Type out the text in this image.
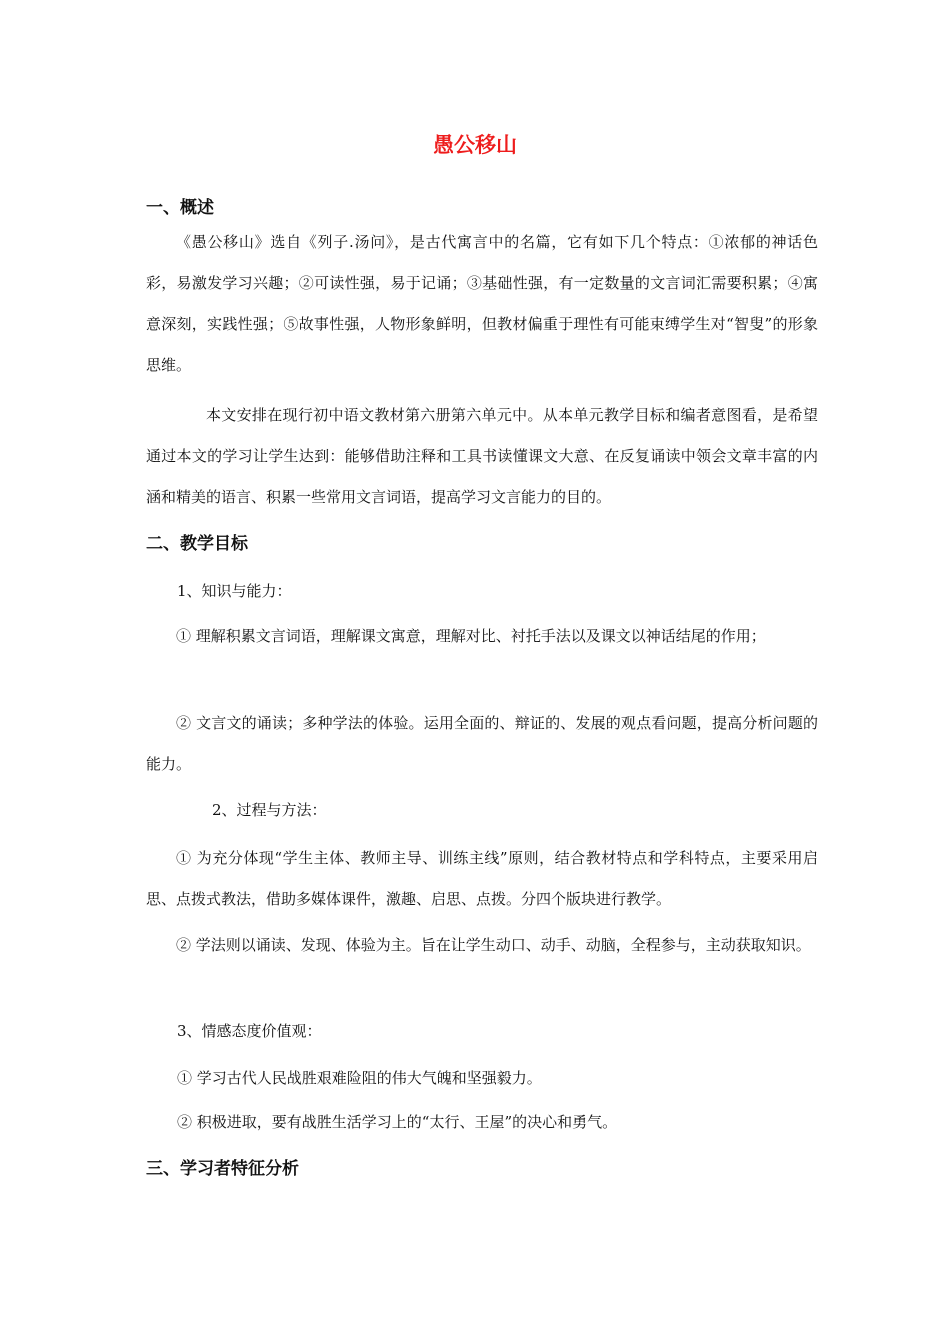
愚公移山
一、概述
《愚公移山》选自《列子.汤问》，是古代寓言中的名篇，它有如下几个特点：①浓郁的神话色彩，易激发学习兴趣；②可读性强，易于记诵；③基础性强，有一定数量的文言词汇需要积累；④寓意深刻，实践性强；⑤故事性强，人物形象鲜明，但教材偏重于理性有可能束缚学生对“智叟”的形象思维。
本文安排在现行初中语文教材第六册第六单元中。从本单元教学目标和编者意图看，是希望通过本文的学习让学生达到：能够借助注释和工具书读懂课文大意、在反复诵读中领会文章丰富的内涵和精美的语言、积累一些常用文言词语，提高学习文言能力的目的。
二、教学目标
1、知识与能力：
① 理解积累文言词语，理解课文寓意，理解对比、衬托手法以及课文以神话结尾的作用；
② 文言文的诵读；多种学法的体验。运用全面的、辩证的、发展的观点看问题，提高分析问题的能力。
2、过程与方法：
① 为充分体现“学生主体、教师主导、训练主线”原则，结合教材特点和学科特点，主要采用启思、点拨式教法，借助多媒体课件，激趣、启思、点拨。分四个版块进行教学。
② 学法则以诵读、发现、体验为主。旨在让学生动口、动手、动脑，全程参与，主动获取知识。
3、情感态度价值观：
① 学习古代人民战胜艰难险阻的伟大气魄和坚强毅力。
② 积极进取，要有战胜生活学习上的“太行、王屋”的决心和勇气。
三、学习者特征分析
